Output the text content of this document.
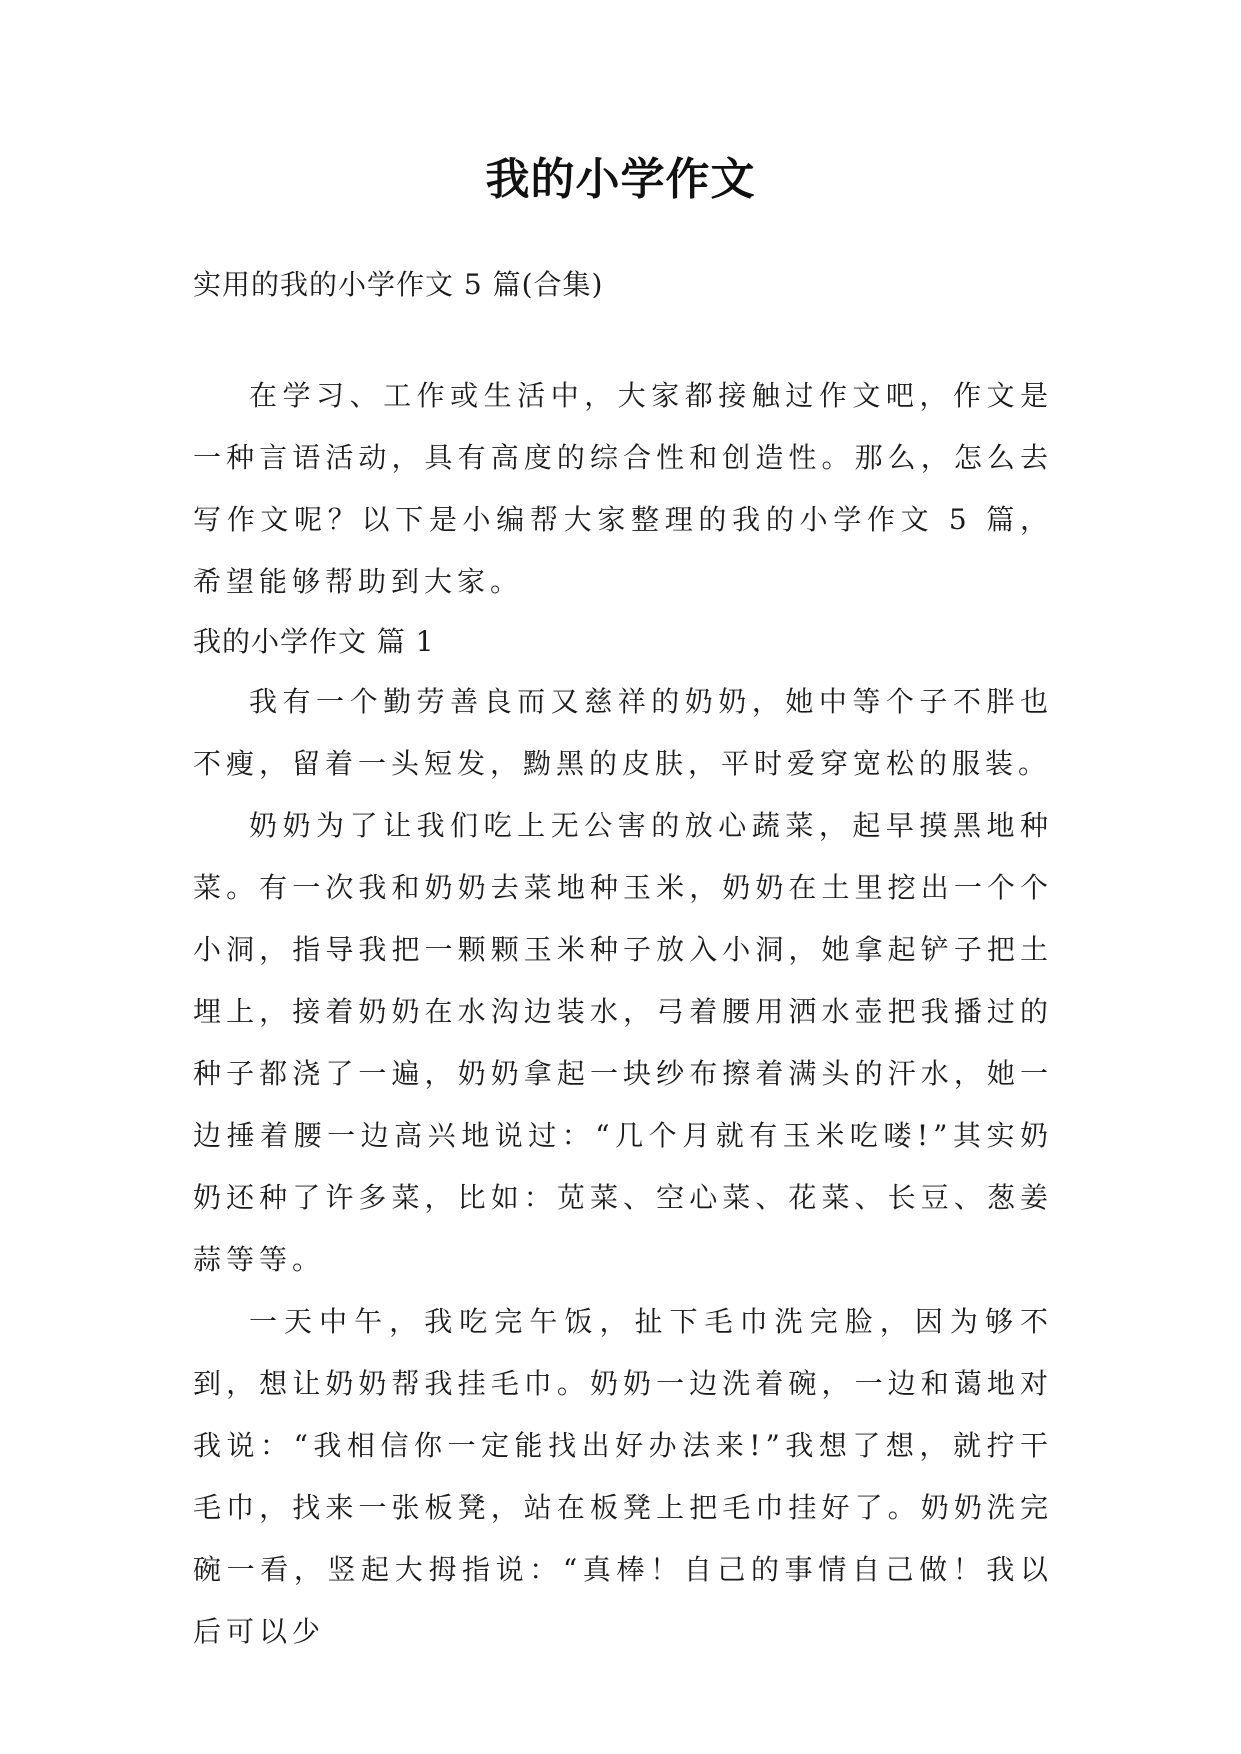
我的小学作文

实用的我的小学作文 5 篇(合集)

在学习、工作或生活中，大家都接触过作文吧，作文是一种言语活动，具有高度的综合性和创造性。那么，怎么去写作文呢？以下是小编帮大家整理的我的小学作文 5 篇，希望能够帮助到大家。

我的小学作文 篇 1

我有一个勤劳善良而又慈祥的奶奶，她中等个子不胖也不瘦，留着一头短发，黝黑的皮肤，平时爱穿宽松的服装。

奶奶为了让我们吃上无公害的放心蔬菜，起早摸黑地种菜。有一次我和奶奶去菜地种玉米，奶奶在土里挖出一个个小洞，指导我把一颗颗玉米种子放入小洞，她拿起铲子把土埋上，接着奶奶在水沟边装水，弓着腰用洒水壶把我播过的种子都浇了一遍，奶奶拿起一块纱布擦着满头的汗水，她一边捶着腰一边高兴地说过：“几个月就有玉米吃喽!”其实奶奶还种了许多菜，比如：苋菜、空心菜、花菜、长豆、葱姜蒜等等。

一天中午，我吃完午饭，扯下毛巾洗完脸，因为够不到，想让奶奶帮我挂毛巾。奶奶一边洗着碗，一边和蔼地对我说：“我相信你一定能找出好办法来!”我想了想，就拧干毛巾，找来一张板凳，站在板凳上把毛巾挂好了。奶奶洗完碗一看，竖起大拇指说：“真棒！自己的事情自己做！我以后可以少
